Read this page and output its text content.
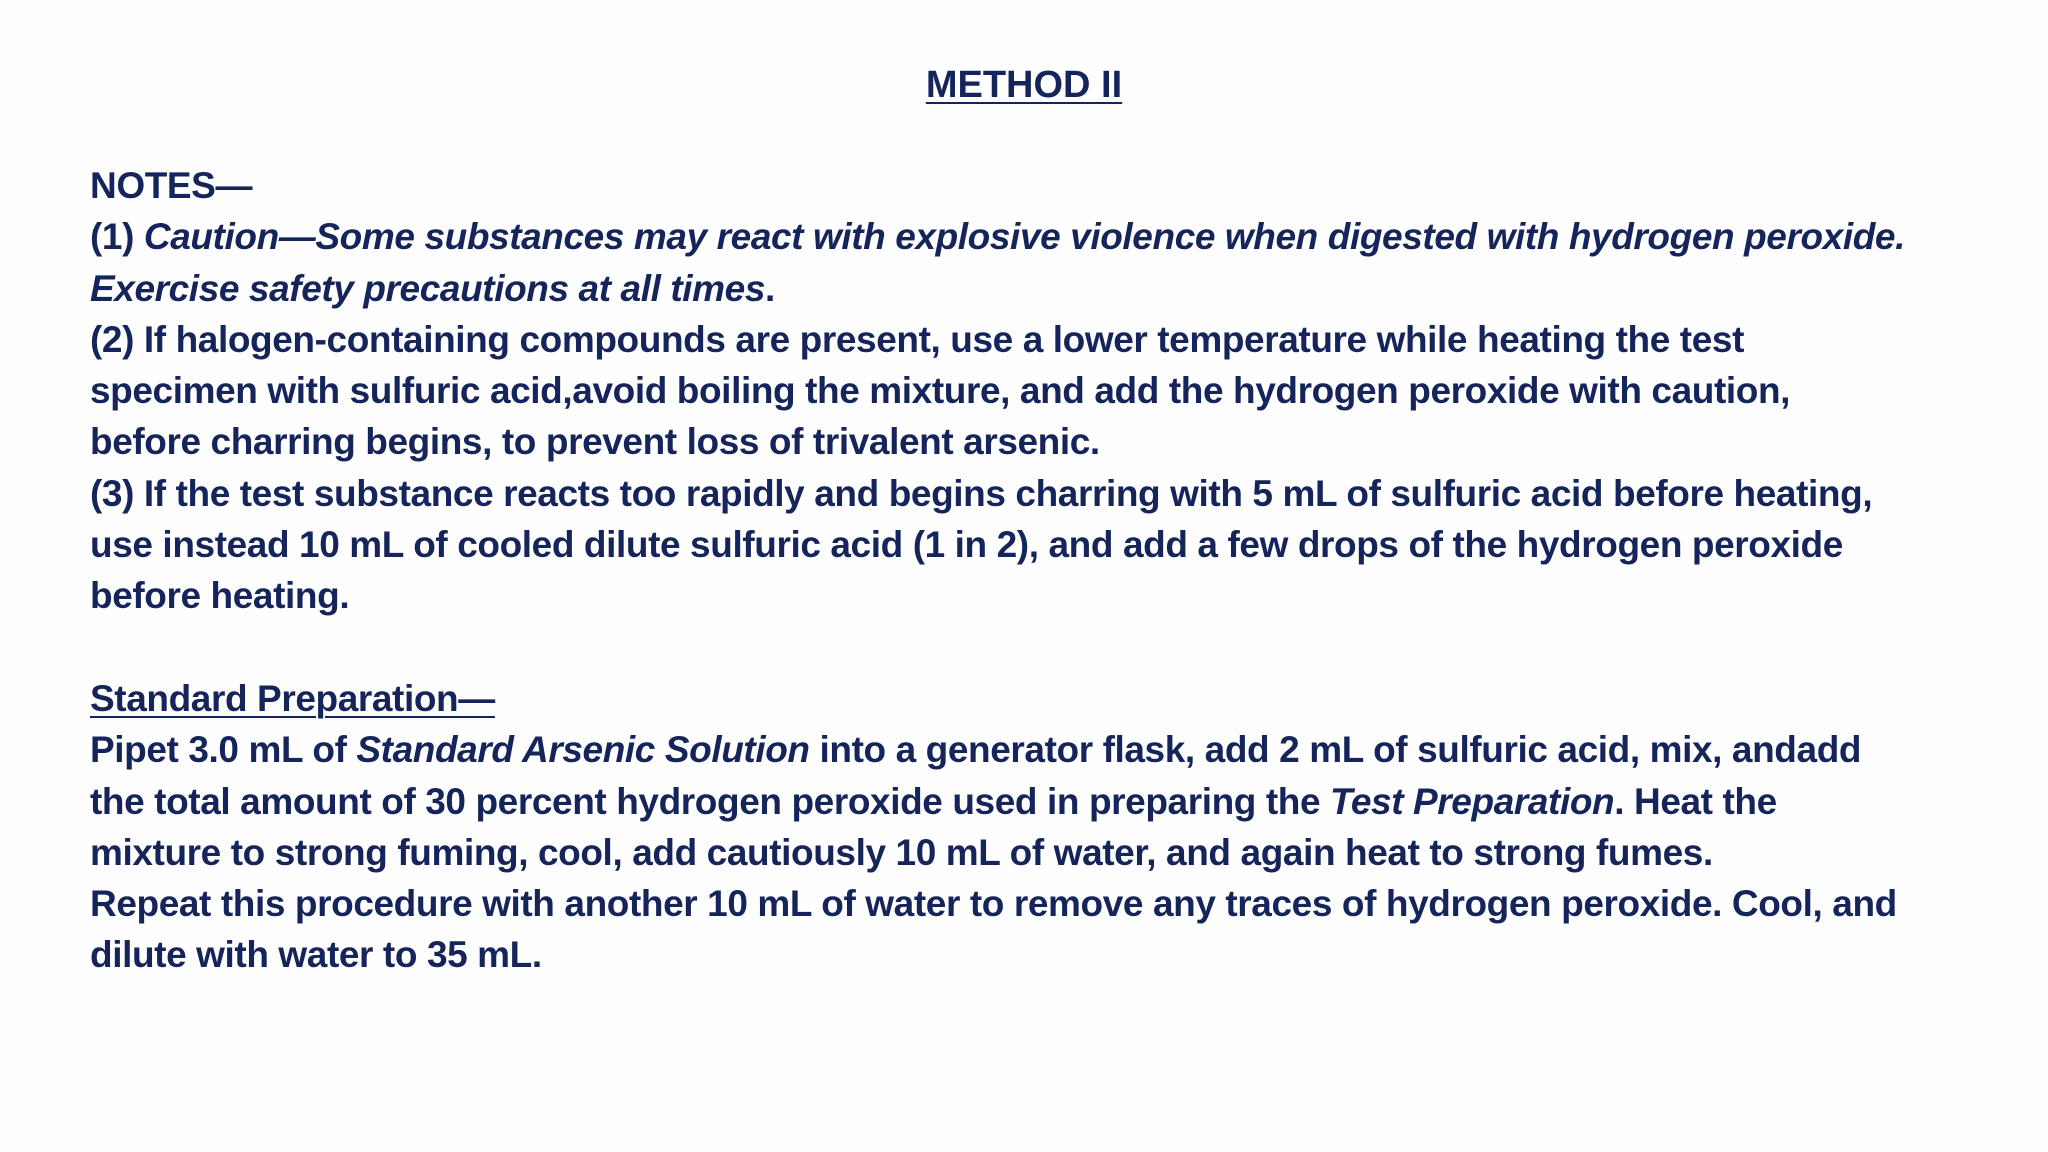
METHOD II
NOTES—
(1) Caution—Some substances may react with explosive violence when digested with hydrogen peroxide.
Exercise safety precautions at all times.
(2) If halogen-containing compounds are present, use a lower temperature while heating the test
specimen with sulfuric acid,avoid boiling the mixture, and add the hydrogen peroxide with caution,
before charring begins, to prevent loss of trivalent arsenic.
(3) If the test substance reacts too rapidly and begins charring with 5 mL of sulfuric acid before heating,
use instead 10 mL of cooled dilute sulfuric acid (1 in 2), and add a few drops of the hydrogen peroxide
before heating.
Standard Preparation—
Pipet 3.0 mL of Standard Arsenic Solution into a generator flask, add 2 mL of sulfuric acid, mix, andadd
the total amount of 30 percent hydrogen peroxide used in preparing the Test Preparation. Heat the
mixture to strong fuming, cool, add cautiously 10 mL of water, and again heat to strong fumes.
Repeat this procedure with another 10 mL of water to remove any traces of hydrogen peroxide. Cool, and
dilute with water to 35 mL.
